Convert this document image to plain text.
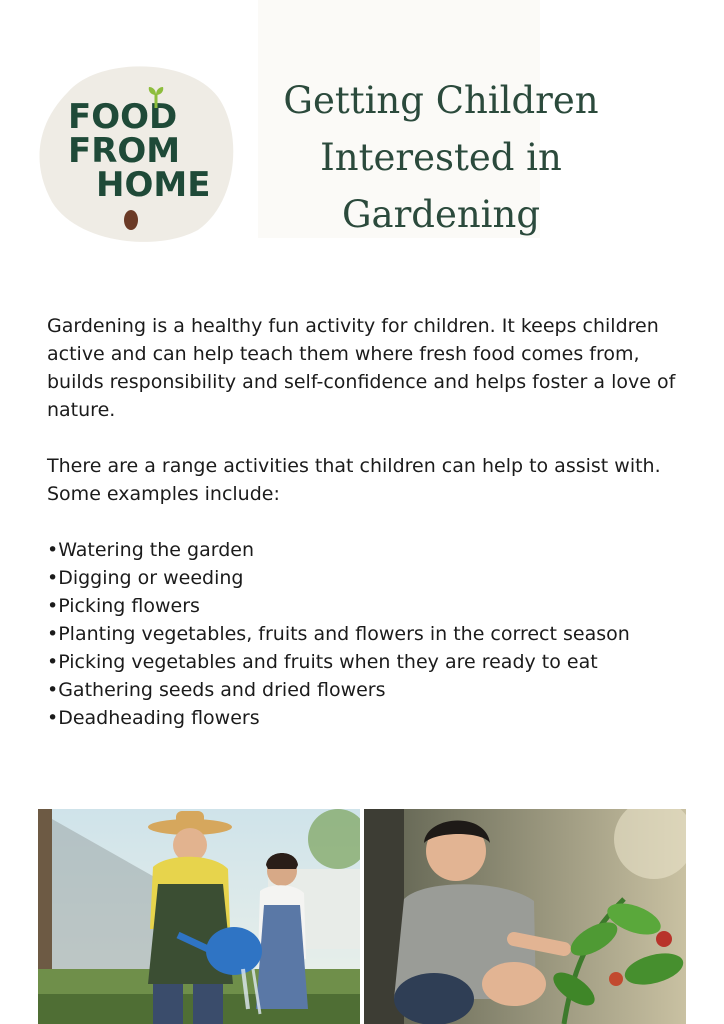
FOOD
FROM
HOME
Getting Children
Interested in
Gardening

Gardening is a healthy fun activity for children. It keeps children active and can help teach them where fresh food comes from, builds responsibility and self-confidence and helps foster a love of nature.

There are a range activities that children can help to assist with. Some examples include:

•Watering the garden
•Digging or weeding
•Picking flowers
•Planting vegetables, fruits and flowers in the correct season
•Picking vegetables and fruits when they are ready to eat
•Gathering seeds and dried flowers
•Deadheading flowers
